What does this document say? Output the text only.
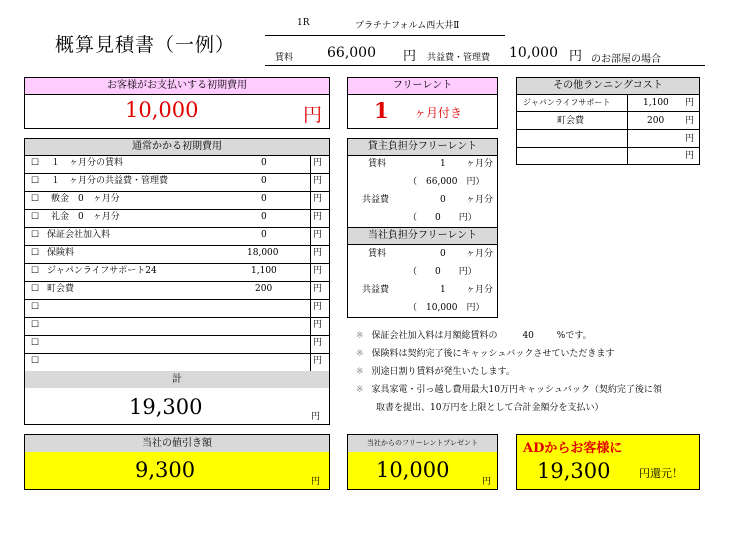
概算見積書（一例）
1R	プラチナフォルム西大井Ⅱ
賃料 66,000 円 共益費・管理費 10,000 円 のお部屋の場合
お客様がお支払いする初期費用
10,000	円
フリーレント
1 ヶ月付き
その他ランニングコスト
ジャパンライフサポート	1,100 円
町会費	200 円
円
円
通常かかる初期費用
☐ １　ヶ月分の賃料	0	円
☐ １　ヶ月分の共益費・管理費	0	円
☐ 敷金　0　ヶ月分	0	円
☐ 礼金　0　ヶ月分	0	円
☐ 保証会社加入料	0	円
☐ 保険料	18,000	円
☐ ジャパンライフサポート24	1,100	円
☐ 町会費	200	円
☐	円
☐	円
☐	円
☐	円
計
19,300	円
貸主負担分フリーレント
賃料	1 ヶ月分
（　66,000　円）
共益費	0 ヶ月分
（　　0　　円）
当社負担分フリーレント
賃料	0 ヶ月分
（　　0　　円）
共益費	1 ヶ月分
（　10,000　円）
※ 保証会社加入料は月額総賃料の	40	%です。
※ 保険料は契約完了後にキャッシュバックさせていただきます
※ 別途日割り賃料が発生いたします。
※ 家具家電・引っ越し費用最大10万円キャッシュバック（契約完了後に領
取書を提出、10万円を上限として合計金額分を支払い）
当社の値引き額
9,300	円
当社からのフリーレントプレゼント
10,000	円
ADからお客様に
19,300	円還元！
